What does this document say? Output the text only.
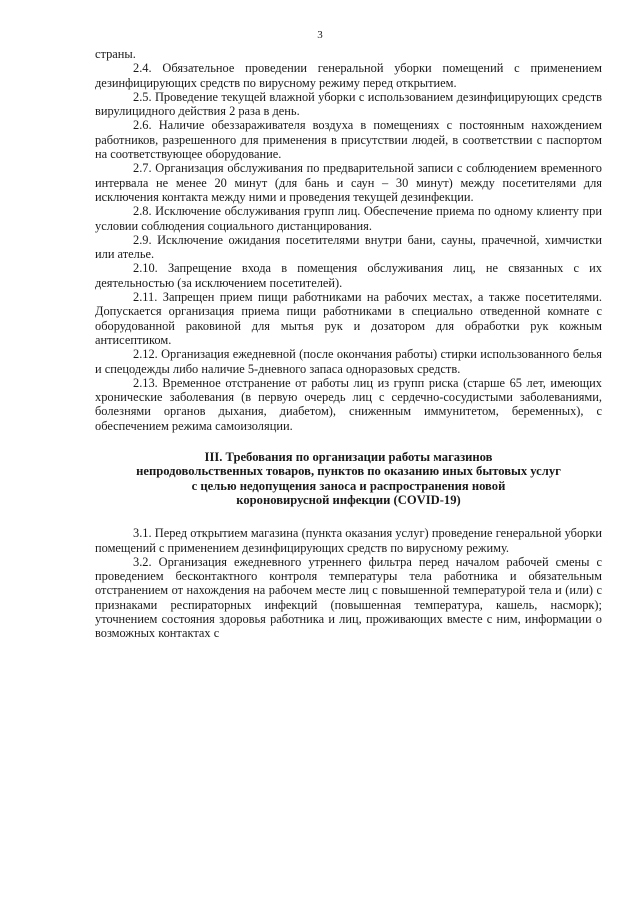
3

страны.

2.4. Обязательное проведении генеральной уборки помещений с применением дезинфицирующих средств по вирусному режиму перед открытием.

2.5. Проведение текущей влажной уборки с использованием дезинфицирующих средств вирулицидного действия 2 раза в день.

2.6. Наличие обеззараживателя воздуха в помещениях с постоянным нахождением работников, разрешенного для применения в присутствии людей, в соответствии с паспортом на соответствующее оборудование.

2.7. Организация обслуживания по предварительной записи с соблюдением временного интервала не менее 20 минут (для бань и саун – 30 минут) между посетителями для исключения контакта между ними и проведения текущей дезинфекции.

2.8. Исключение обслуживания групп лиц. Обеспечение приема по одному клиенту при условии соблюдения социального дистанцирования.

2.9. Исключение ожидания посетителями внутри бани, сауны, прачечной, химчистки или ателье.

2.10. Запрещение входа в помещения обслуживания лиц, не связанных с их деятельностью (за исключением посетителей).

2.11. Запрещен прием пищи работниками на рабочих местах, а также посетителями. Допускается организация приема пищи работниками в специально отведенной комнате с оборудованной раковиной для мытья рук и дозатором для обработки рук кожным антисептиком.

2.12. Организация ежедневной (после окончания работы) стирки использованного белья и спецодежды либо наличие 5-дневного запаса одноразовых средств.

2.13. Временное отстранение от работы лиц из групп риска (старше 65 лет, имеющих хронические заболевания (в первую очередь лиц с сердечно-сосудистыми заболеваниями, болезнями органов дыхания, диабетом), сниженным иммунитетом, беременных), с обеспечением режима самоизоляции.

III. Требования по организации работы магазинов
непродовольственных товаров, пунктов по оказанию иных бытовых услуг
с целью недопущения заноса и распространения новой
короновирусной инфекции (COVID-19)

3.1. Перед открытием магазина (пункта оказания услуг) проведение генеральной уборки помещений с применением дезинфицирующих средств по вирусному режиму.

3.2. Организация ежедневного утреннего фильтра перед началом рабочей смены с проведением бесконтактного контроля температуры тела работника и обязательным отстранением от нахождения на рабочем месте лиц с повышенной температурой тела и (или) с признаками респираторных инфекций (повышенная температура, кашель, насморк); уточнением состояния здоровья работника и лиц, проживающих вместе с ним, информации о возможных контактах с
